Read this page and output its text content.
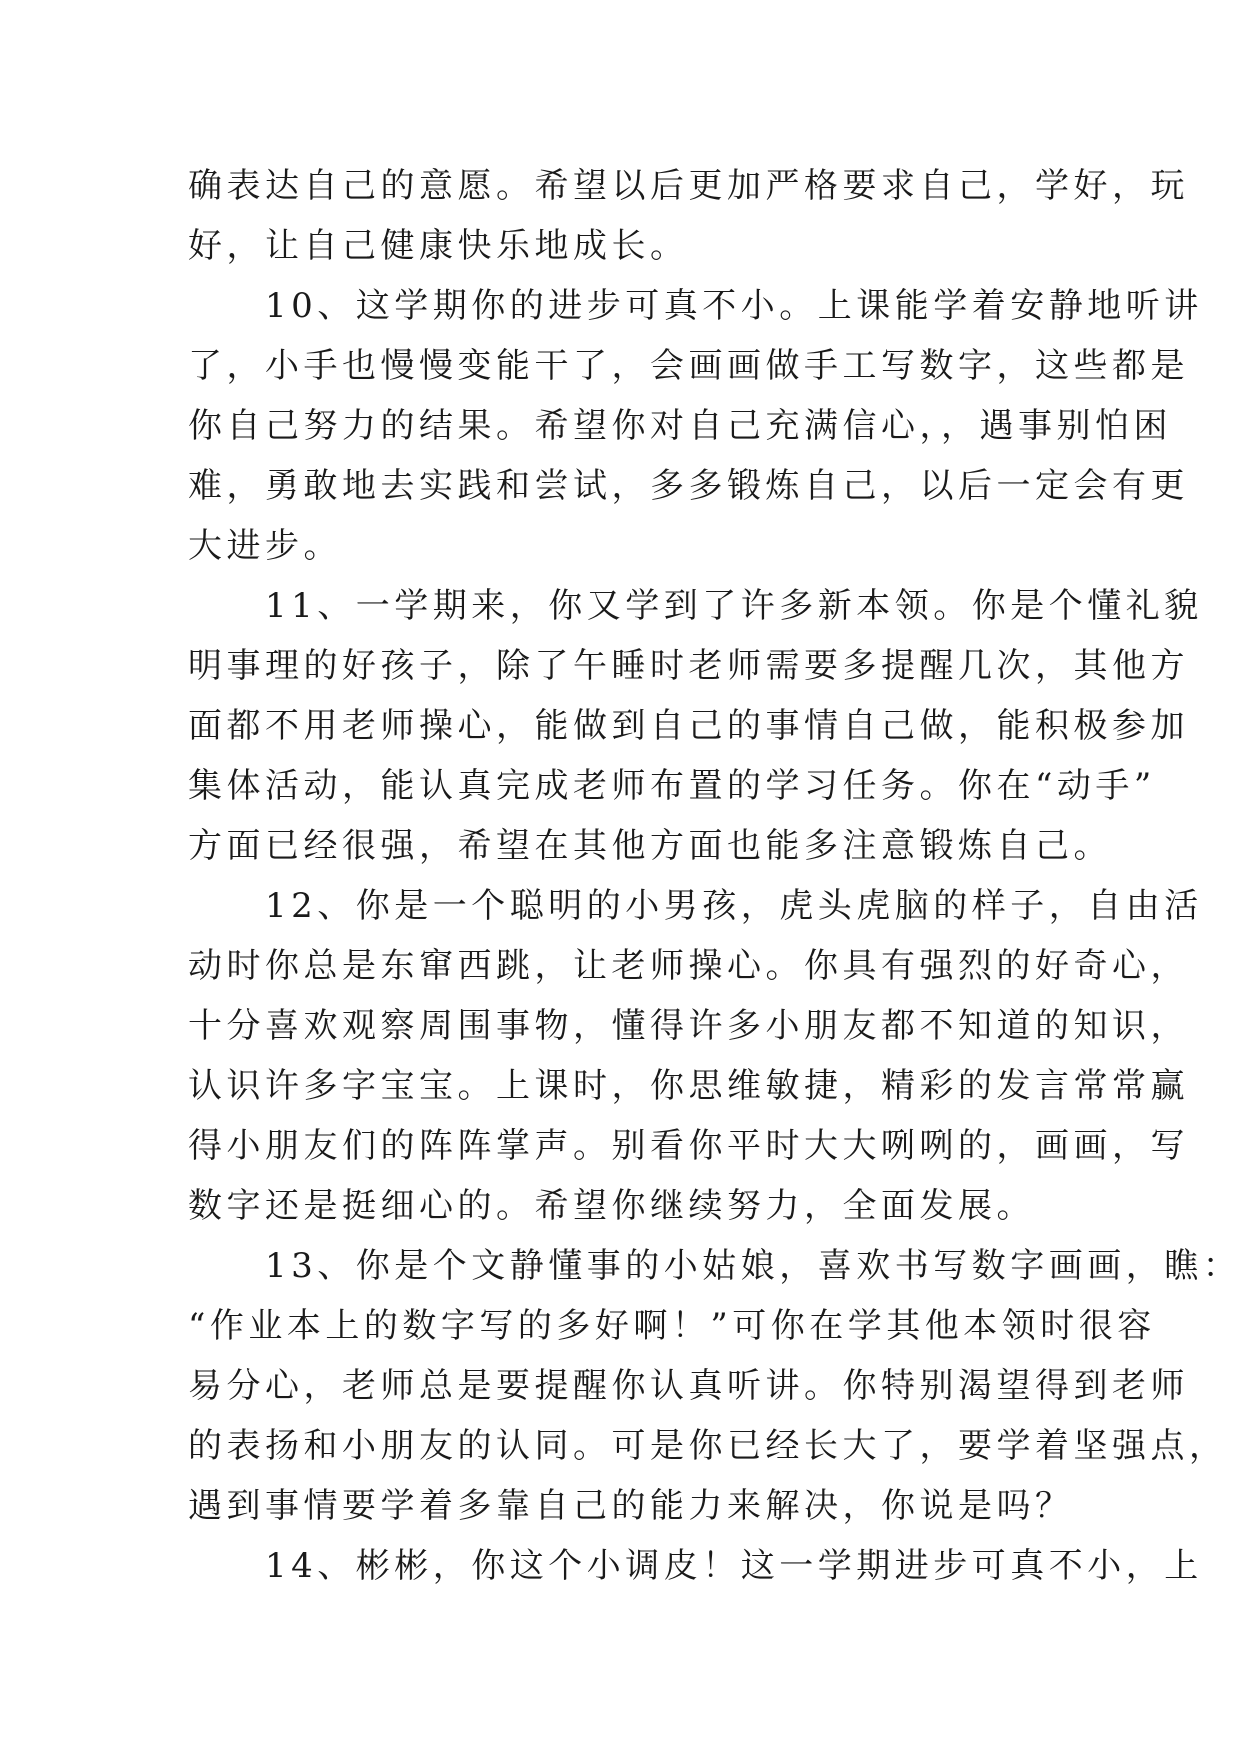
确表达自己的意愿。希望以后更加严格要求自己，学好，玩
好，让自己健康快乐地成长。
　　10、这学期你的进步可真不小。上课能学着安静地听讲
了，小手也慢慢变能干了，会画画做手工写数字，这些都是
你自己努力的结果。希望你对自己充满信心，，遇事别怕困
难，勇敢地去实践和尝试，多多锻炼自己，以后一定会有更
大进步。
　　11、一学期来，你又学到了许多新本领。你是个懂礼貌
明事理的好孩子，除了午睡时老师需要多提醒几次，其他方
面都不用老师操心，能做到自己的事情自己做，能积极参加
集体活动，能认真完成老师布置的学习任务。你在“动手”
方面已经很强，希望在其他方面也能多注意锻炼自己。
　　12、你是一个聪明的小男孩，虎头虎脑的样子，自由活
动时你总是东窜西跳，让老师操心。你具有强烈的好奇心，
十分喜欢观察周围事物，懂得许多小朋友都不知道的知识，
认识许多字宝宝。上课时，你思维敏捷，精彩的发言常常赢
得小朋友们的阵阵掌声。别看你平时大大咧咧的，画画，写
数字还是挺细心的。希望你继续努力，全面发展。
　　13、你是个文静懂事的小姑娘，喜欢书写数字画画，瞧：
“作业本上的数字写的多好啊！”可你在学其他本领时很容
易分心，老师总是要提醒你认真听讲。你特别渴望得到老师
的表扬和小朋友的认同。可是你已经长大了，要学着坚强点，
遇到事情要学着多靠自己的能力来解决，你说是吗？
　　14、彬彬，你这个小调皮！这一学期进步可真不小，上
